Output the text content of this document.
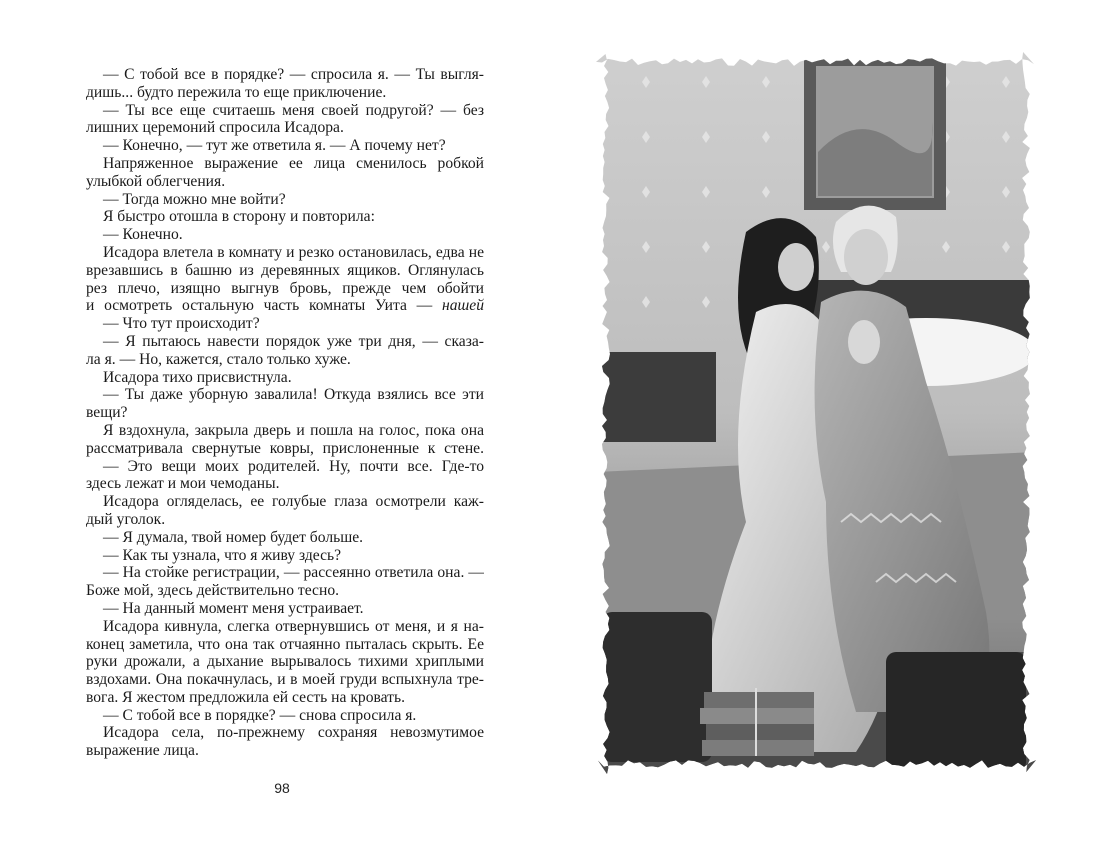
— С тобой все в порядке? — спросила я. — Ты выгля-
дишь... будто пережила то еще приключение.
— Ты все еще считаешь меня своей подругой? — без
лишних церемоний спросила Исадора.
— Конечно, — тут же ответила я. — А почему нет?
Напряженное выражение ее лица сменилось робкой
улыбкой облегчения.
— Тогда можно мне войти?
Я быстро отошла в сторону и повторила:
— Конечно.
Исадора влетела в комнату и резко остановилась, едва не
врезавшись в башню из деревянных ящиков. Оглянулась
рез плечо, изящно выгнув бровь, прежде чем обойти
и осмотреть остальную часть комнаты Уита — нашей
— Что тут происходит?
— Я пытаюсь навести порядок уже три дня, — сказа-
ла я. — Но, кажется, стало только хуже.
Исадора тихо присвистнула.
— Ты даже уборную завалила! Откуда взялись все эти
вещи?
Я вздохнула, закрыла дверь и пошла на голос, пока она
рассматривала свернутые ковры, прислоненные к стене.
— Это вещи моих родителей. Ну, почти все. Где-то
здесь лежат и мои чемоданы.
Исадора огляделась, ее голубые глаза осмотрели каж-
дый уголок.
— Я думала, твой номер будет больше.
— Как ты узнала, что я живу здесь?
— На стойке регистрации, — рассеянно ответила она. —
Боже мой, здесь действительно тесно.
— На данный момент меня устраивает.
Исадора кивнула, слегка отвернувшись от меня, и я на-
конец заметила, что она так отчаянно пыталась скрыть. Ее
руки дрожали, а дыхание вырывалось тихими хриплыми
вздохами. Она покачнулась, и в моей груди вспыхнула тре-
вога. Я жестом предложила ей сесть на кровать.
— С тобой все в порядке? — снова спросила я.
Исадора села, по-прежнему сохраняя невозмутимое
выражение лица.
98
